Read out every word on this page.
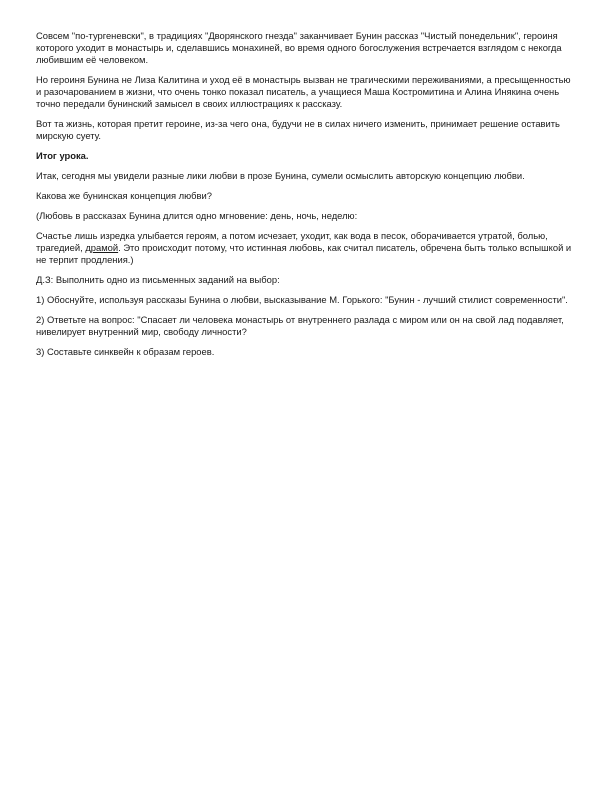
Совсем "по-тургеневски", в традициях "Дворянского гнезда" заканчивает Бунин рассказ "Чистый понедельник", героиня которого уходит в монастырь и, сделавшись монахиней, во время одного богослужения встречается взглядом с некогда любившим её человеком.

Но героиня Бунина не Лиза Калитина и уход её в монастырь вызван не трагическими переживаниями, а пресыщенностью и разочарованием в жизни, что очень тонко показал писатель, а учащиеся Маша Костромитина и Алина Инякина очень точно передали бунинский замысел в своих иллюстрациях к рассказу.

Вот та жизнь, которая претит героине, из-за чего она, будучи не в силах ничего изменить, принимает решение оставить мирскую суету.

Итог урока.

Итак, сегодня мы увидели разные лики любви в прозе Бунина, сумели осмыслить авторскую концепцию любви.

Какова же бунинская концепция любви?

(Любовь в рассказах Бунина длится одно мгновение: день, ночь, неделю:

Счастье лишь изредка улыбается героям, а потом исчезает, уходит, как вода в песок, оборачивается утратой, болью, трагедией, драмой. Это происходит потому, что истинная любовь, как считал писатель, обречена быть только вспышкой и не терпит продления.)

Д.З: Выполнить одно из письменных заданий на выбор:

1) Обоснуйте, используя рассказы Бунина о любви, высказывание М. Горького: "Бунин - лучший стилист современности".

2) Ответьте на вопрос: "Спасает ли человека монастырь от внутреннего разлада с миром или он на свой лад подавляет, нивелирует внутренний мир, свободу личности?

3) Составьте синквейн к образам героев.
